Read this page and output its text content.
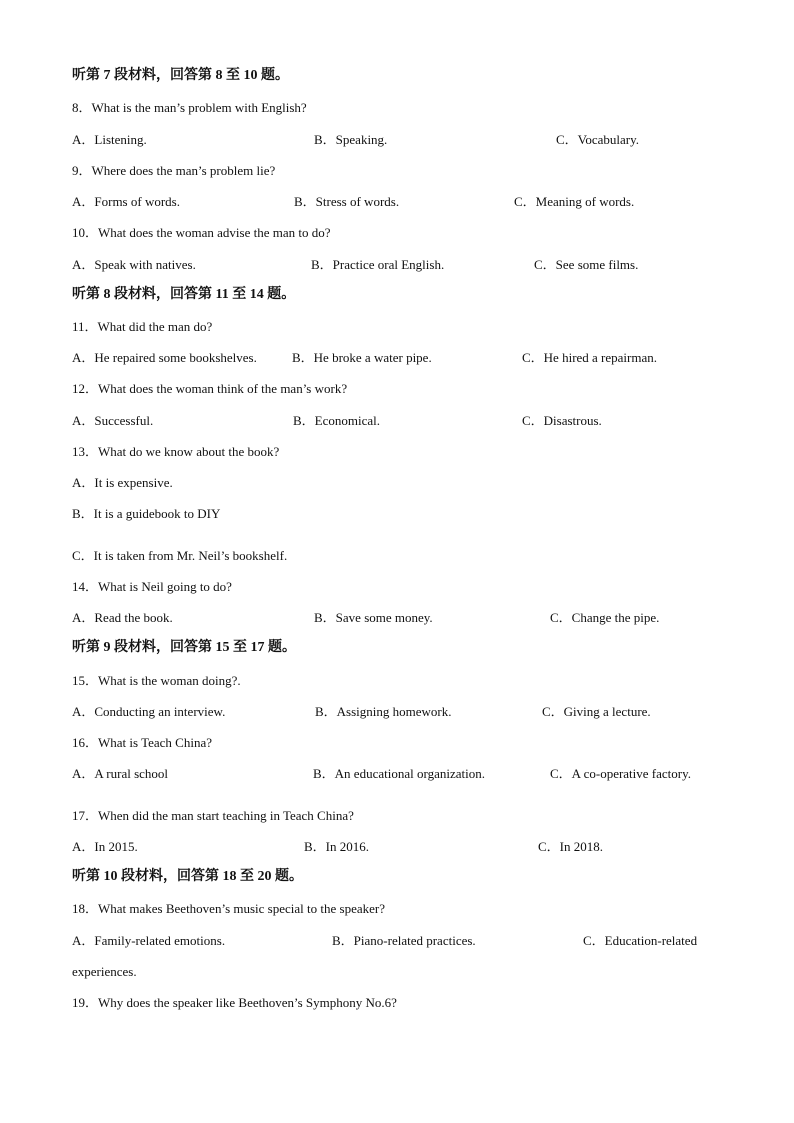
听第 7 段材料，回答第 8 至 10 题。
8．What is the man’s problem with English?
A．Listening.	B．Speaking.	C．Vocabulary.
9．Where does the man’s problem lie?
A．Forms of words.	B．Stress of words.	C．Meaning of words.
10．What does the woman advise the man to do?
A．Speak with natives.	B．Practice oral English.	C．See some films.
听第 8 段材料，回答第 11 至 14 题。
11．What did the man do?
A．He repaired some bookshelves.	B．He broke a water pipe.	C．He hired a repairman.
12．What does the woman think of the man’s work?
A．Successful.	B．Economical.	C．Disastrous.
13．What do we know about the book?
A．It is expensive.
B．It is a guidebook to DIY
C．It is taken from Mr. Neil’s bookshelf.
14．What is Neil going to do?
A．Read the book.	B．Save some money.	C．Change the pipe.
听第 9 段材料，回答第 15 至 17 题。
15．What is the woman doing?.
A．Conducting an interview.	B．Assigning homework.	C．Giving a lecture.
16．What is Teach China?
A．A rural school	B．An educational organization.	C．A co-operative factory.
17．When did the man start teaching in Teach China?
A．In 2015.	B．In 2016.	C．In 2018.
听第 10 段材料，回答第 18 至 20 题。
18．What makes Beethoven’s music special to the speaker?
A．Family-related emotions.	B．Piano-related practices.	C．Education-related
experiences.
19．Why does the speaker like Beethoven’s Symphony No.6?
